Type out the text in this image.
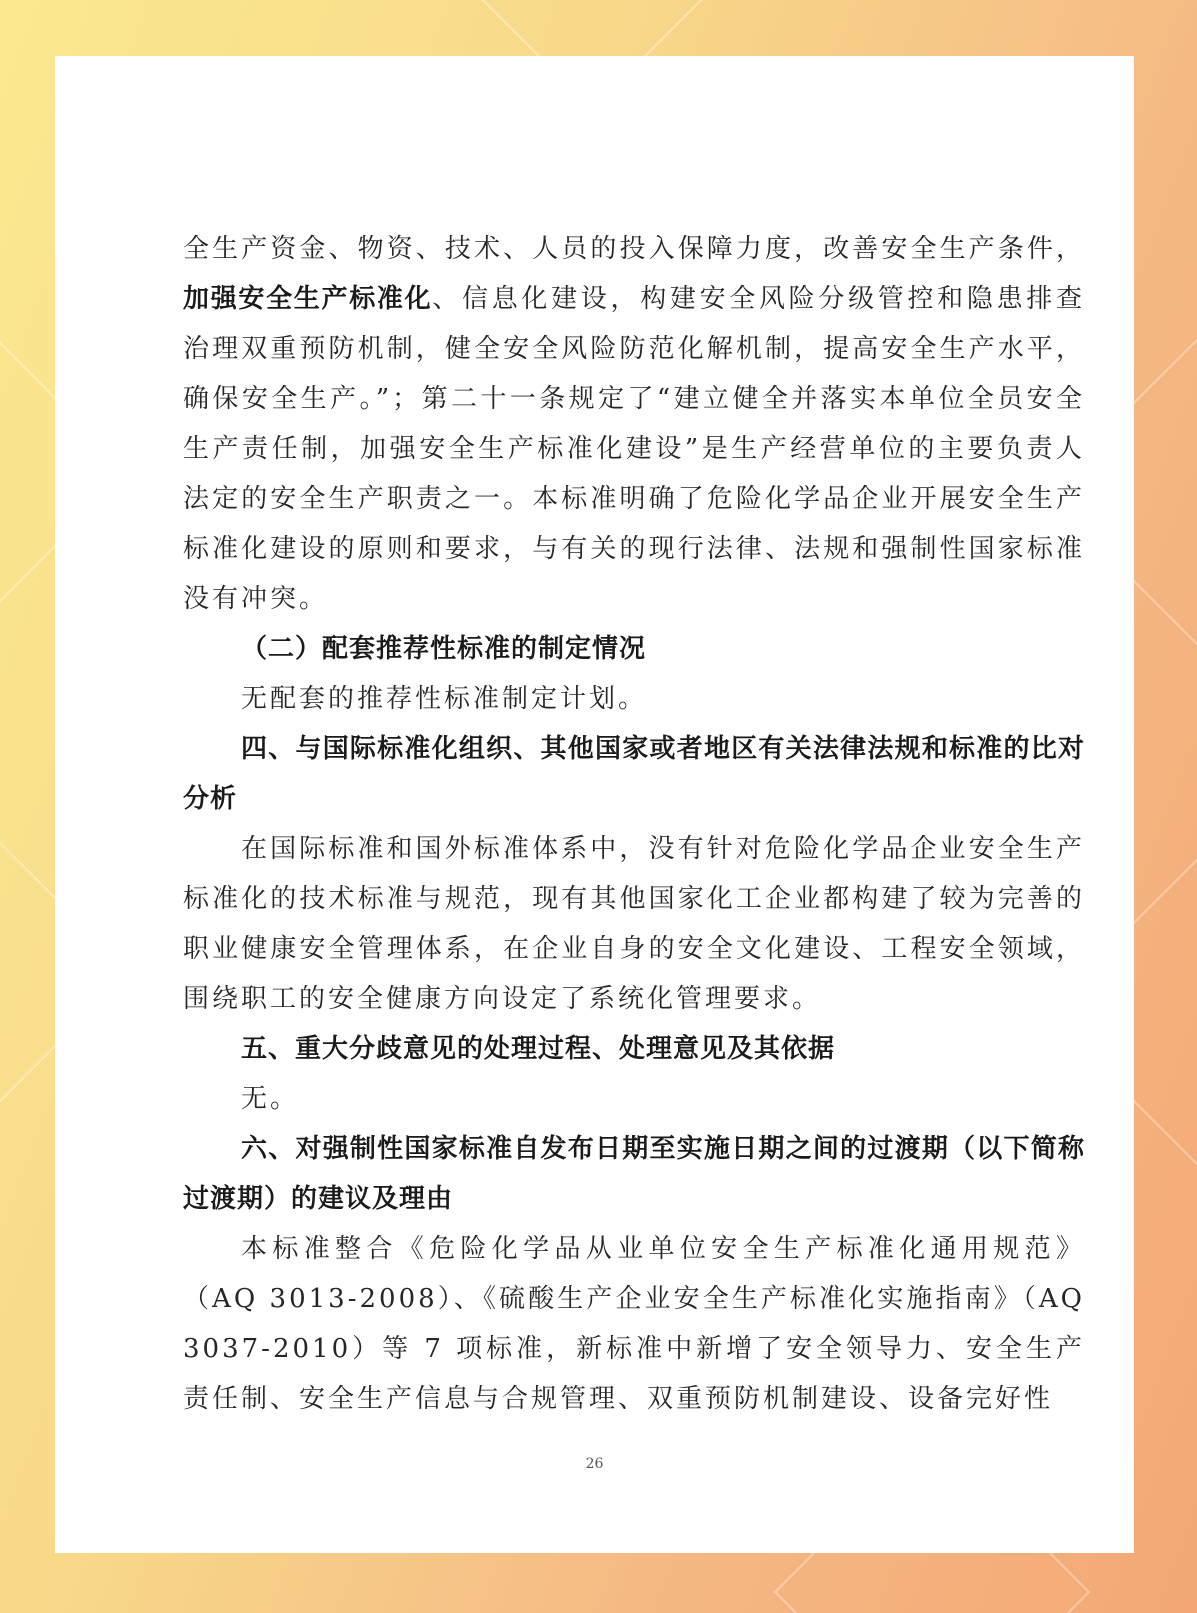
全生产资金、物资、技术、人员的投入保障力度，改善安全生产条件，加强安全生产标准化、信息化建设，构建安全风险分级管控和隐患排查治理双重预防机制，健全安全风险防范化解机制，提高安全生产水平，确保安全生产。”；第二十一条规定了“建立健全并落实本单位全员安全生产责任制，加强安全生产标准化建设”是生产经营单位的主要负责人法定的安全生产职责之一。本标准明确了危险化学品企业开展安全生产标准化建设的原则和要求，与有关的现行法律、法规和强制性国家标准没有冲突。

（二）配套推荐性标准的制定情况

无配套的推荐性标准制定计划。

四、与国际标准化组织、其他国家或者地区有关法律法规和标准的比对分析

在国际标准和国外标准体系中，没有针对危险化学品企业安全生产标准化的技术标准与规范，现有其他国家化工企业都构建了较为完善的职业健康安全管理体系，在企业自身的安全文化建设、工程安全领域，围绕职工的安全健康方向设定了系统化管理要求。

五、重大分歧意见的处理过程、处理意见及其依据

无。

六、对强制性国家标准自发布日期至实施日期之间的过渡期（以下简称过渡期）的建议及理由

本标准整合《危险化学品从业单位安全生产标准化通用规范》（AQ 3013-2008）、《硫酸生产企业安全生产标准化实施指南》（AQ 3037-2010）等 7 项标准，新标准中新增了安全领导力、安全生产责任制、安全生产信息与合规管理、双重预防机制建设、设备完好性

26
